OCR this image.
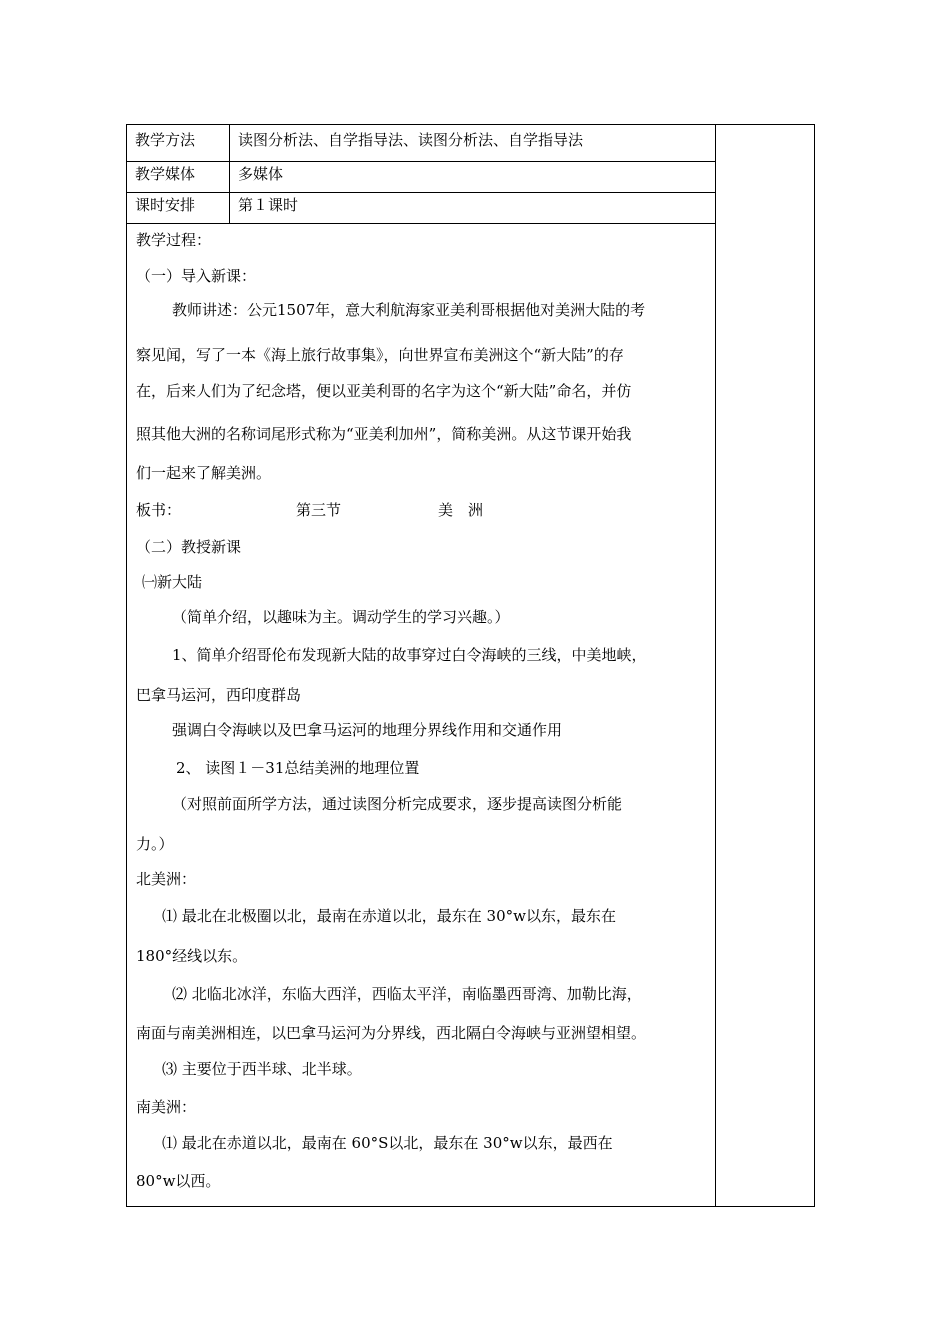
教学方法	读图分析法、自学指导法、读图分析法、自学指导法
教学媒体	多媒体
课时安排	第１课时
教学过程：
（一）导入新课：
教师讲述：公元1507年，意大利航海家亚美利哥根据他对美洲大陆的考
察见闻，写了一本《海上旅行故事集》，向世界宣布美洲这个“新大陆”的存
在，后来人们为了纪念塔，便以亚美利哥的名字为这个“新大陆”命名，并仿
照其他大洲的名称词尾形式称为“亚美利加州”，简称美洲。从这节课开始我
们一起来了解美洲。
板书：	第三节	美　洲
（二）教授新课
㈠新大陆
（简单介绍，以趣味为主。调动学生的学习兴趣。）
1、简单介绍哥伦布发现新大陆的故事穿过白令海峡的三线，中美地峡，
巴拿马运河，西印度群岛
强调白令海峡以及巴拿马运河的地理分界线作用和交通作用
2、 读图１－31总结美洲的地理位置
（对照前面所学方法，通过读图分析完成要求，逐步提高读图分析能
力。）
北美洲：
⑴ 最北在北极圈以北，最南在赤道以北，最东在 30°w以东，最东在
180°经线以东。
⑵ 北临北冰洋，东临大西洋，西临太平洋，南临墨西哥湾、加勒比海，
南面与南美洲相连，以巴拿马运河为分界线，西北隔白令海峡与亚洲望相望。
⑶ 主要位于西半球、北半球。
南美洲：
⑴ 最北在赤道以北，最南在 60°S以北，最东在 30°w以东，最西在
80°w以西。
